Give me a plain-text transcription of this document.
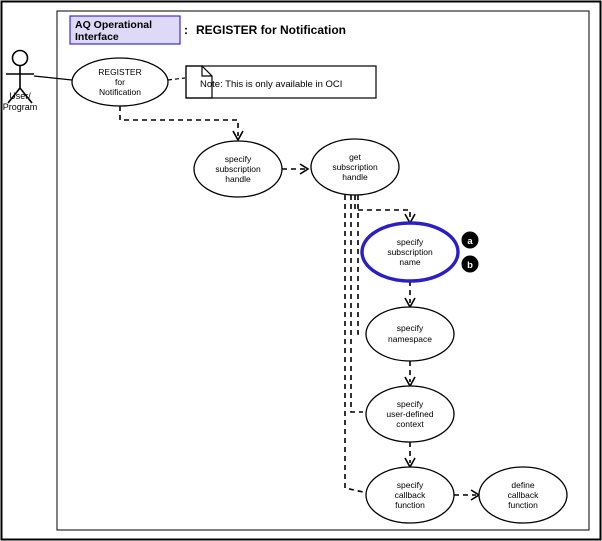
AQ Operational
Interface	: REGISTER for Notification
User/
Program
Note: This is only available in OCI
REGISTER
for
Notification
specify
subscription
handle
get
subscription
handle
specify
subscription
name
a
b
specify
namespace
specify
user-defined
context
specify
callback
function
define
callback
function
